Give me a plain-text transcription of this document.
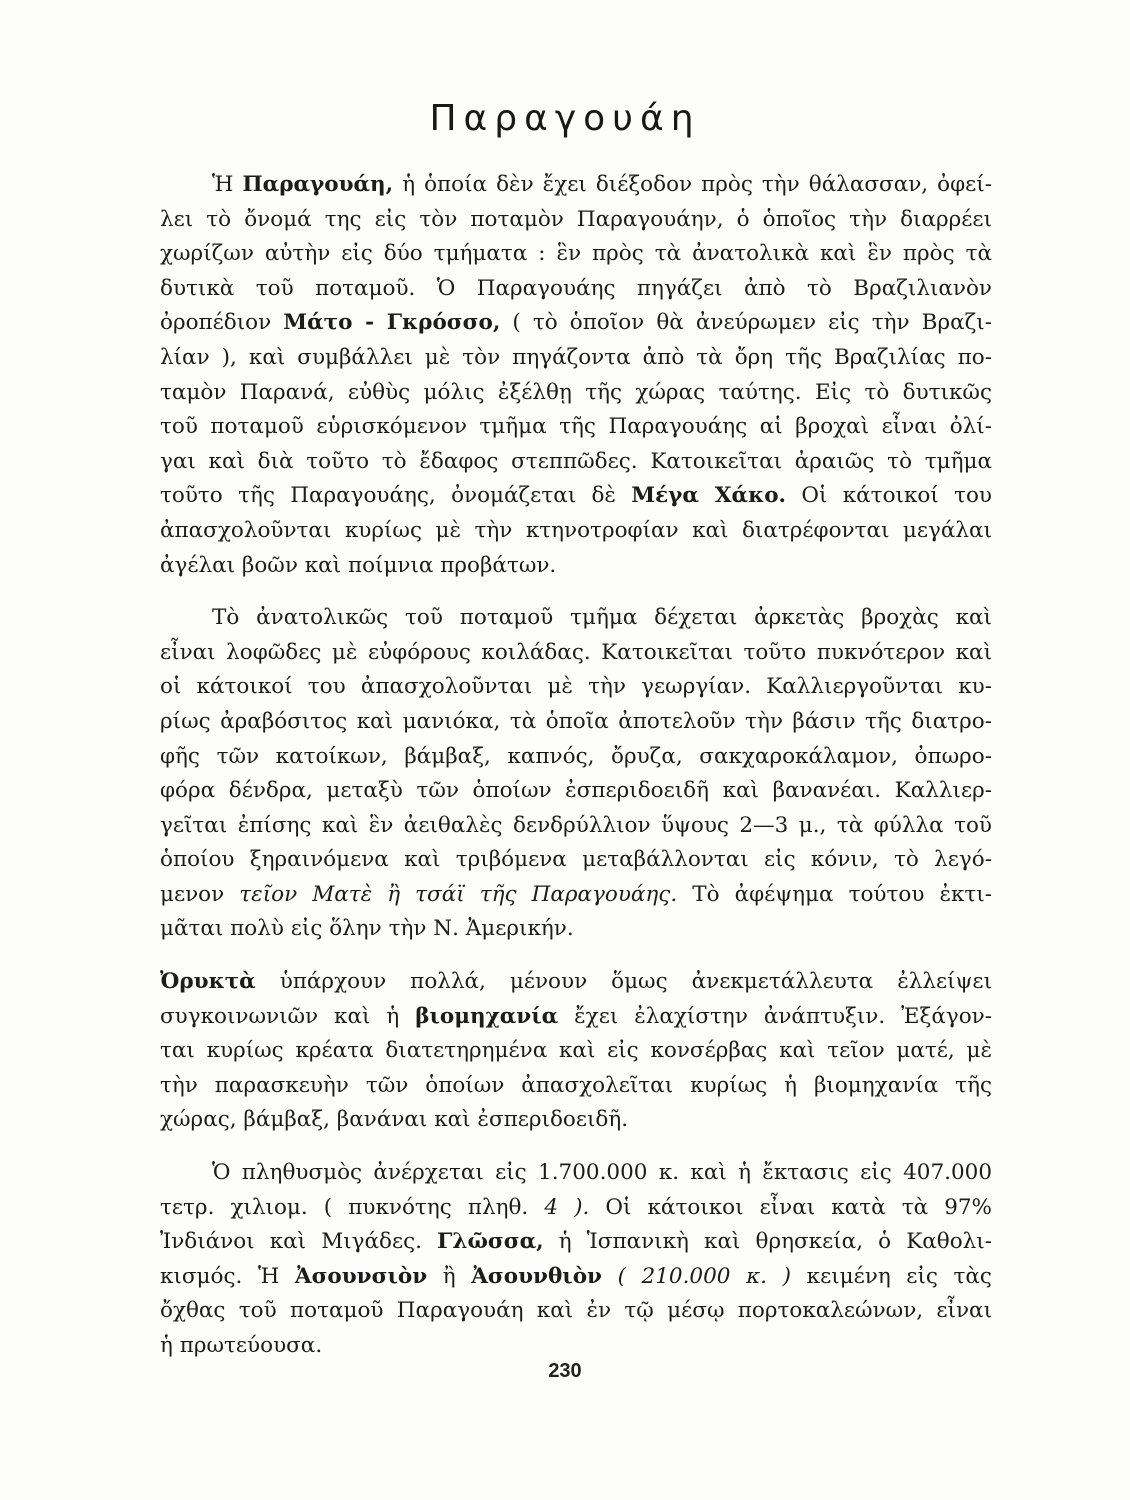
Παραγουάη

Ἡ Παραγουάη, ἡ ὁποία δὲν ἔχει διέξοδον πρὸς τὴν θάλασσαν, ὀφεί-
λει τὸ ὄνομά της εἰς τὸν ποταμὸν Παραγουάην, ὁ ὁποῖος τὴν διαρρέει
χωρίζων αὐτὴν εἰς δύο τμήματα : ἓν πρὸς τὰ ἀνατολικὰ καὶ ἓν πρὸς τὰ
δυτικὰ τοῦ ποταμοῦ. Ὁ Παραγουάης πηγάζει ἀπὸ τὸ Βραζιλιανὸν
ὀροπέδιον Μάτο - Γκρόσσο, ( τὸ ὁποῖον θὰ ἀνεύρωμεν εἰς τὴν Βραζι-
λίαν ), καὶ συμβάλλει μὲ τὸν πηγάζοντα ἀπὸ τὰ ὄρη τῆς Βραζιλίας πο-
ταμὸν Παρανά, εὐθὺς μόλις ἐξέλθῃ τῆς χώρας ταύτης. Εἰς τὸ δυτικῶς
τοῦ ποταμοῦ εὑρισκόμενον τμῆμα τῆς Παραγουάης αἱ βροχαὶ εἶναι ὀλί-
γαι καὶ διὰ τοῦτο τὸ ἔδαφος στεππῶδες. Κατοικεῖται ἀραιῶς τὸ τμῆμα
τοῦτο τῆς Παραγουάης, ὀνομάζεται δὲ Μέγα Χάκο. Οἱ κάτοικοί του
ἀπασχολοῦνται κυρίως μὲ τὴν κτηνοτροφίαν καὶ διατρέφονται μεγάλαι
ἀγέλαι βοῶν καὶ ποίμνια προβάτων.

Τὸ ἀνατολικῶς τοῦ ποταμοῦ τμῆμα δέχεται ἀρκετὰς βροχὰς καὶ
εἶναι λοφῶδες μὲ εὐφόρους κοιλάδας. Κατοικεῖται τοῦτο πυκνότερον καὶ
οἱ κάτοικοί του ἀπασχολοῦνται μὲ τὴν γεωργίαν. Καλλιεργοῦνται κυ-
ρίως ἀραβόσιτος καὶ μανιόκα, τὰ ὁποῖα ἀποτελοῦν τὴν βάσιν τῆς διατρο-
φῆς τῶν κατοίκων, βάμβαξ, καπνός, ὄρυζα, σακχαροκάλαμον, ὀπωρο-
φόρα δένδρα, μεταξὺ τῶν ὁποίων ἐσπεριδοειδῆ καὶ βανανέαι. Καλλιερ-
γεῖται ἐπίσης καὶ ἓν ἀειθαλὲς δενδρύλλιον ὕψους 2—3 μ., τὰ φύλλα τοῦ
ὁποίου ξηραινόμενα καὶ τριβόμενα μεταβάλλονται εἰς κόνιν, τὸ λεγό-
μενον τεῖον Ματὲ ἢ τσάϊ τῆς Παραγουάης. Τὸ ἀφέψημα τούτου ἐκτι-
μᾶται πολὺ εἰς ὅλην τὴν Ν. Ἀμερικήν.

Ὀρυκτὰ ὑπάρχουν πολλά, μένουν ὅμως ἀνεκμετάλλευτα ἐλλείψει
συγκοινωνιῶν καὶ ἡ βιομηχανία ἔχει ἐλαχίστην ἀνάπτυξιν. Ἐξάγον-
ται κυρίως κρέατα διατετηρημένα καὶ εἰς κονσέρβας καὶ τεῖον ματέ, μὲ
τὴν παρασκευὴν τῶν ὁποίων ἀπασχολεῖται κυρίως ἡ βιομηχανία τῆς
χώρας, βάμβαξ, βανάναι καὶ ἐσπεριδοειδῆ.

Ὁ πληθυσμὸς ἀνέρχεται εἰς 1.700.000 κ. καὶ ἡ ἔκτασις εἰς 407.000
τετρ. χιλιομ. ( πυκνότης πληθ. 4 ). Οἱ κάτοικοι εἶναι κατὰ τὰ 97%
Ἰνδιάνοι καὶ Μιγάδες. Γλῶσσα, ἡ Ἱσπανικὴ καὶ θρησκεία, ὁ Καθολι-
κισμός. Ἡ Ἀσουνσιὸν ἢ Ἀσουνθιὸν ( 210.000 κ. ) κειμένη εἰς τὰς
ὄχθας τοῦ ποταμοῦ Παραγουάη καὶ ἐν τῷ μέσῳ πορτοκαλεώνων, εἶναι
ἡ πρωτεύουσα.

230
